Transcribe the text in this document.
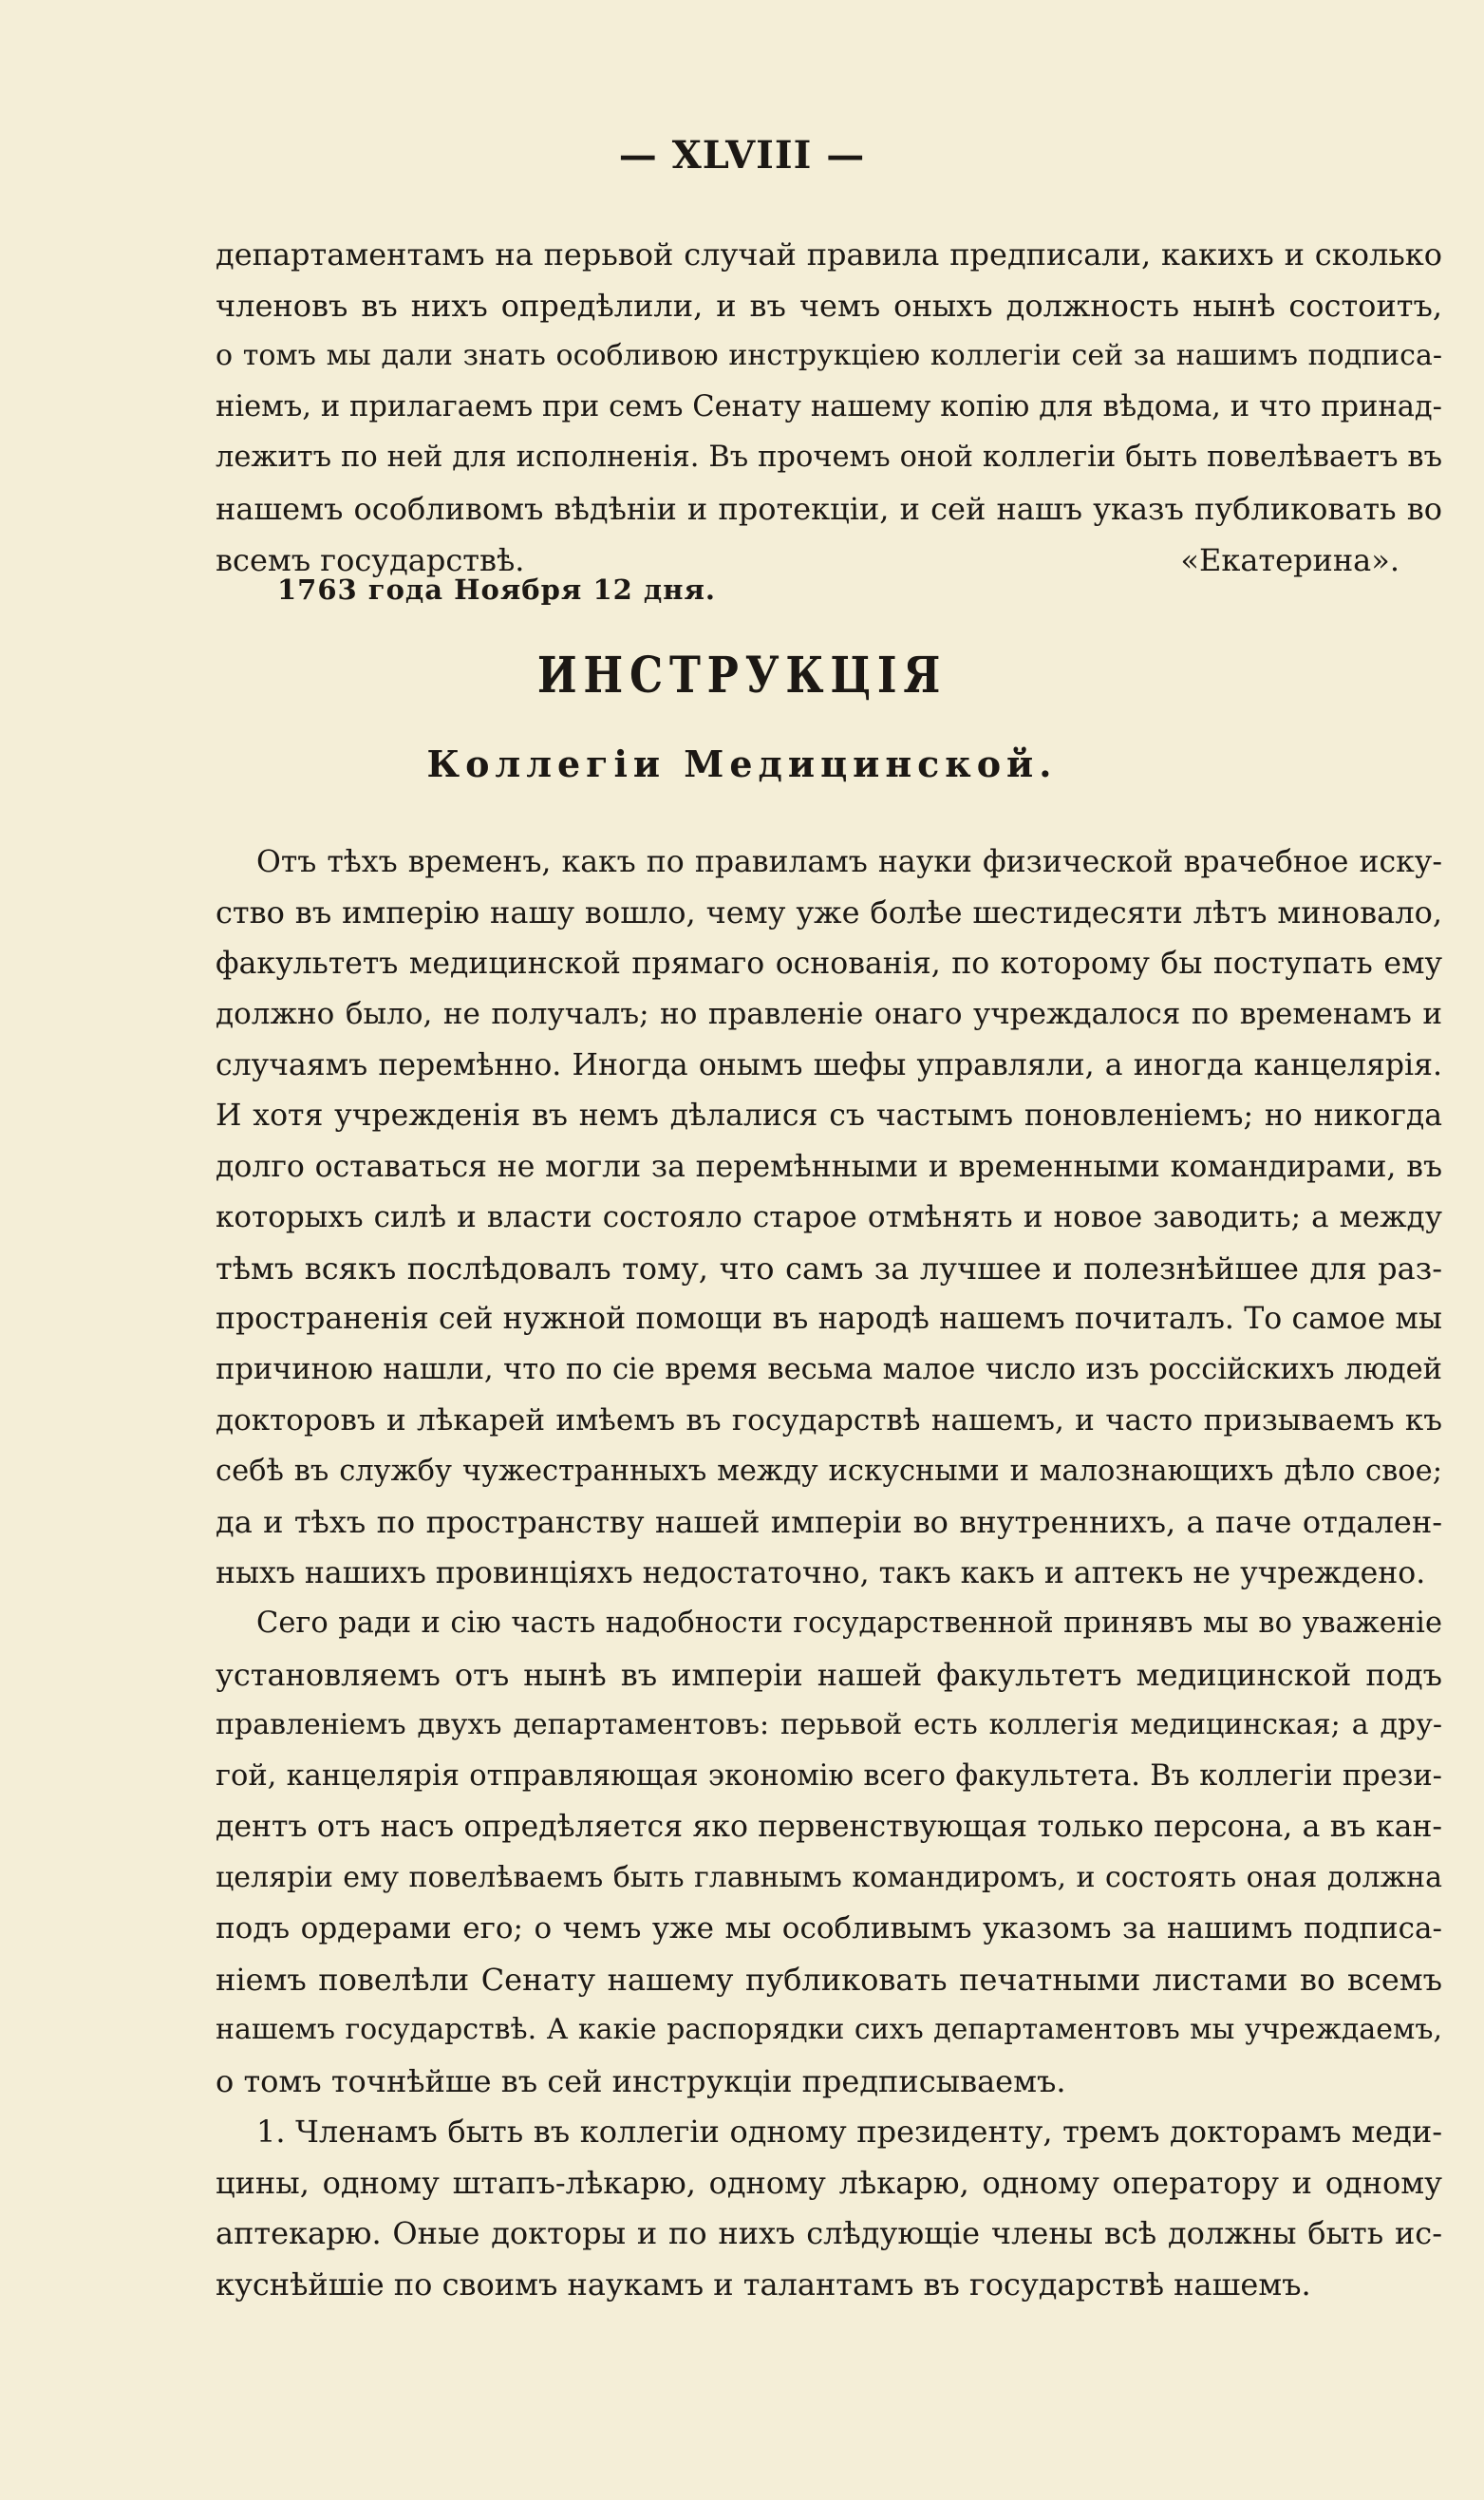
— XLVIII —
департаментамъ на перьвой случай правила предписали, какихъ и сколько
членовъ въ нихъ опредѣлили, и въ чемъ оныхъ должность нынѣ состоитъ,
о томъ мы дали знать особливою инструкціею коллегіи сей за нашимъ подписа-
ніемъ, и прилагаемъ при семъ Сенату нашему копію для вѣдома, и что принад-
лежитъ по ней для исполненія. Въ прочемъ оной коллегіи быть повелѣваетъ въ
нашемъ особливомъ вѣдѣніи и протекціи, и сей нашъ указъ публиковать во
всемъ государствѣ.	«Екатерина».
1763 года Ноября 12 дня.
ИНСТРУКЦІЯ
Коллегіи Медицинской.
Отъ тѣхъ временъ, какъ по правиламъ науки физической врачебное иску-
ство въ имперію нашу вошло, чему уже болѣе шестидесяти лѣтъ миновало,
факультетъ медицинской прямаго основанія, по которому бы поступать ему
должно было, не получалъ; но правленіе онаго учреждалося по временамъ и
случаямъ перемѣнно. Иногда онымъ шефы управляли, а иногда канцелярія.
И хотя учрежденія въ немъ дѣлалися съ частымъ поновленіемъ; но никогда
долго оставаться не могли за перемѣнными и временными командирами, въ
которыхъ силѣ и власти состояло старое отмѣнять и новое заводить; а между
тѣмъ всякъ послѣдовалъ тому, что самъ за лучшее и полезнѣйшее для раз-
пространенія сей нужной помощи въ народѣ нашемъ почиталъ. То самое мы
причиною нашли, что по сіе время весьма малое число изъ россійскихъ людей
докторовъ и лѣкарей имѣемъ въ государствѣ нашемъ, и часто призываемъ къ
себѣ въ службу чужестранныхъ между искусными и малознающихъ дѣло свое;
да и тѣхъ по пространству нашей имперіи во внутреннихъ, а паче отдален-
ныхъ нашихъ провинціяхъ недостаточно, такъ какъ и аптекъ не учреждено.
Сего ради и сію часть надобности государственной принявъ мы во уваженіе
установляемъ отъ нынѣ въ имперіи нашей факультетъ медицинской подъ
правленіемъ двухъ департаментовъ: перьвой есть коллегія медицинская; а дру-
гой, канцелярія отправляющая экономію всего факультета. Въ коллегіи прези-
дентъ отъ насъ опредѣляется яко первенствующая только персона, а въ кан-
целяріи ему повелѣваемъ быть главнымъ командиромъ, и состоять оная должна
подъ ордерами его; о чемъ уже мы особливымъ указомъ за нашимъ подписа-
ніемъ повелѣли Сенату нашему публиковать печатными листами во всемъ
нашемъ государствѣ. А какіе распорядки сихъ департаментовъ мы учреждаемъ,
о томъ точнѣйше въ сей инструкціи предписываемъ.
1. Членамъ быть въ коллегіи одному президенту, тремъ докторамъ меди-
цины, одному штапъ-лѣкарю, одному лѣкарю, одному оператору и одному
аптекарю. Оные докторы и по нихъ слѣдующіе члены всѣ должны быть ис-
куснѣйшіе по своимъ наукамъ и талантамъ въ государствѣ нашемъ.
